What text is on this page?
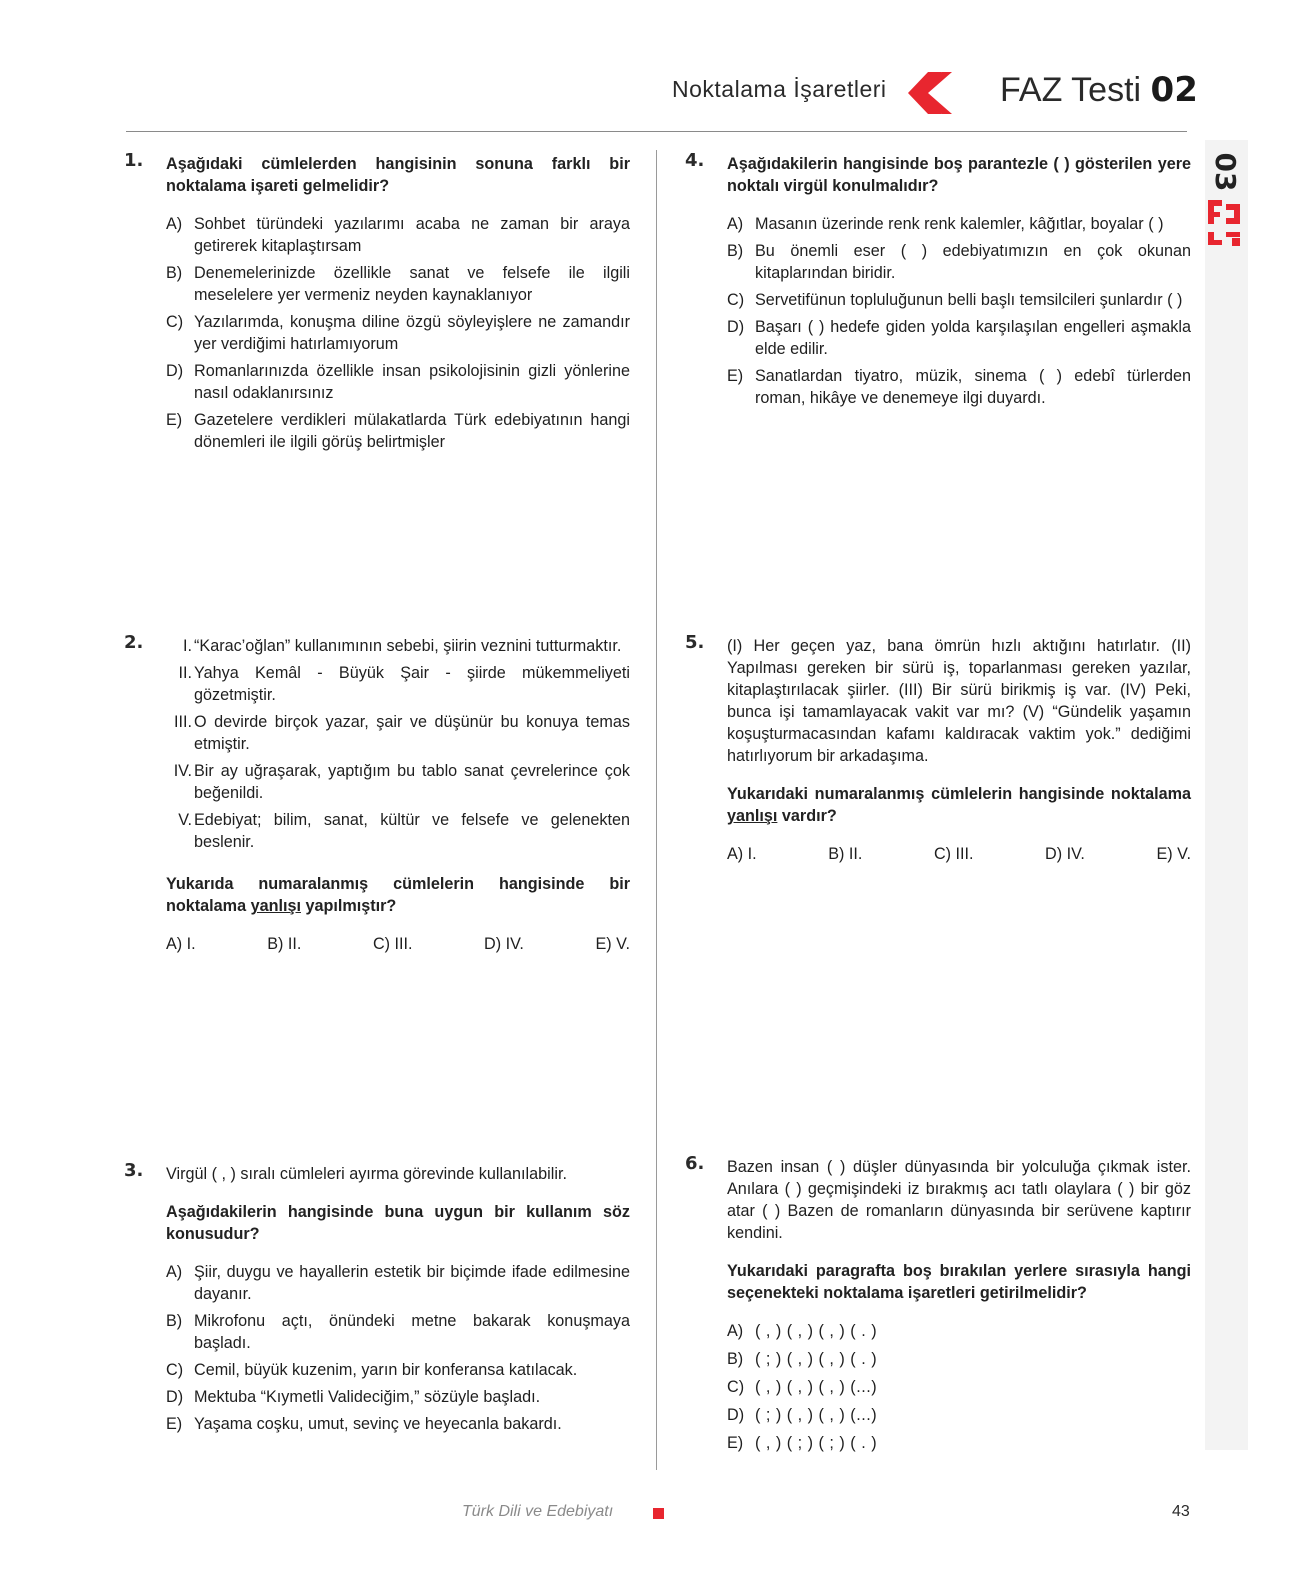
Noktalama İşaretleri	FAZ Testi 02
03
1. Aşağıdaki cümlelerden hangisinin sonuna farklı bir noktalama işareti gelmelidir?
A) Sohbet türündeki yazılarımı acaba ne zaman bir araya getirerek kitaplaştırsam
B) Denemelerinizde özellikle sanat ve felsefe ile ilgili meselelere yer vermeniz neyden kaynaklanıyor
C) Yazılarımda, konuşma diline özgü söyleyişlere ne zamandır yer verdiğimi hatırlamıyorum
D) Romanlarınızda özellikle insan psikolojisinin gizli yönlerine nasıl odaklanırsınız
E) Gazetelere verdikleri mülakatlarda Türk edebiyatının hangi dönemleri ile ilgili görüş belirtmişler
2.	I. “Karac’oğlan” kullanımının sebebi, şiirin veznini tutturmaktır.
II. Yahya Kemâl - Büyük Şair - şiirde mükemmeliyeti gözetmiştir.
III. O devirde birçok yazar, şair ve düşünür bu konuya temas etmiştir.
IV. Bir ay uğraşarak, yaptığım bu tablo sanat çevrelerince çok beğenildi.
V. Edebiyat; bilim, sanat, kültür ve felsefe ve gelenekten beslenir.
Yukarıda numaralanmış cümlelerin hangisinde bir noktalama yanlışı yapılmıştır?
A) I.	B) II.	C) III.	D) IV.	E) V.
3. Virgül ( , ) sıralı cümleleri ayırma görevinde kullanılabilir.
Aşağıdakilerin hangisinde buna uygun bir kullanım söz konusudur?
A) Şiir, duygu ve hayallerin estetik bir biçimde ifade edilmesine dayanır.
B) Mikrofonu açtı, önündeki metne bakarak konuşmaya başladı.
C) Cemil, büyük kuzenim, yarın bir konferansa katılacak.
D) Mektuba “Kıymetli Valideciğim,” sözüyle başladı.
E) Yaşama coşku, umut, sevinç ve heyecanla bakardı.
4. Aşağıdakilerin hangisinde boş parantezle ( ) gösterilen yere noktalı virgül konulmalıdır?
A) Masanın üzerinde renk renk kalemler, kâğıtlar, boyalar ( )
B) Bu önemli eser ( ) edebiyatımızın en çok okunan kitaplarından biridir.
C) Servetifünun topluluğunun belli başlı temsilcileri şunlardır ( )
D) Başarı ( ) hedefe giden yolda karşılaşılan engelleri aşmakla elde edilir.
E) Sanatlardan tiyatro, müzik, sinema ( ) edebî türlerden roman, hikâye ve denemeye ilgi duyardı.
5. (I) Her geçen yaz, bana ömrün hızlı aktığını hatırlatır. (II) Yapılması gereken bir sürü iş, toparlanması gereken yazılar, kitaplaştırılacak şiirler. (III) Bir sürü birikmiş iş var. (IV) Peki, bunca işi tamamlayacak vakit var mı? (V) “Gündelik yaşamın koşuşturmacasından kafamı kaldıracak vaktim yok.” dediğimi hatırlıyorum bir arkadaşıma.
Yukarıdaki numaralanmış cümlelerin hangisinde noktalama yanlışı vardır?
A) I.	B) II.	C) III.	D) IV.	E) V.
6. Bazen insan ( ) düşler dünyasında bir yolculuğa çıkmak ister. Anılara ( ) geçmişindeki iz bırakmış acı tatlı olaylara ( ) bir göz atar ( ) Bazen de romanların dünyasında bir serüvene kaptırır kendini.
Yukarıdaki paragrafta boş bırakılan yerlere sırasıyla hangi seçenekteki noktalama işaretleri getirilmelidir?
A) ( , ) ( , ) ( , ) ( . )
B) ( ; ) ( , ) ( , ) ( . )
C) ( , ) ( , ) ( , ) (...)
D) ( ; ) ( , ) ( , ) (...)
E) ( , ) ( ; ) ( ; ) ( . )
Türk Dili ve Edebiyatı	43
